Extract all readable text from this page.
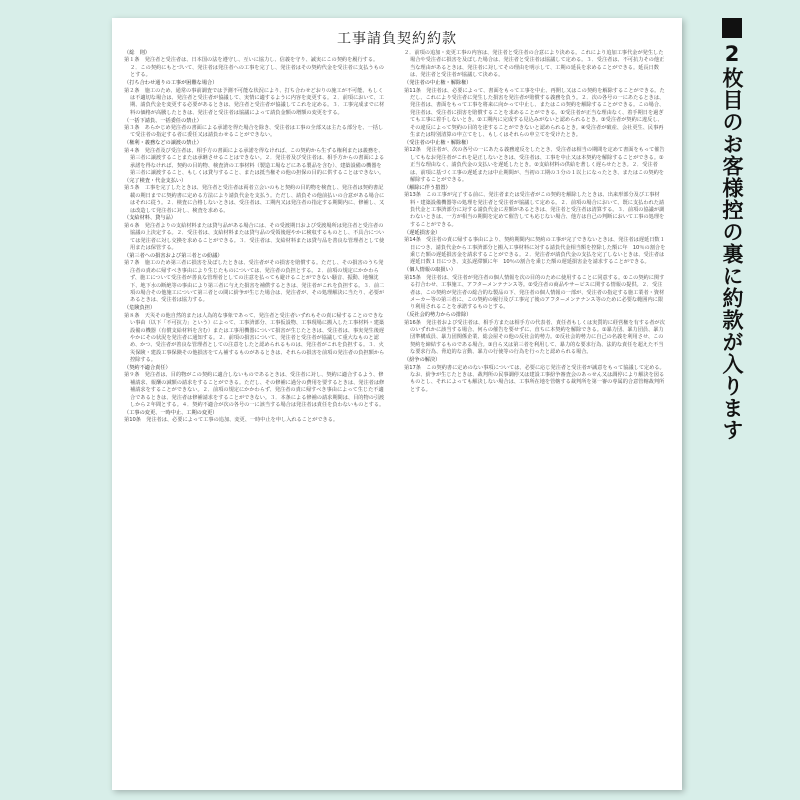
工事請負契約約款
（総　則）
第１条　発注者と受注者は、日本国の法を遵守し、互いに協力し、信義を守り、誠実にこの契約を履行する。２．この契約にもとづいて、発注者は発注者への工事を完了し、発注者はその契約代金を受注者に支払うものとする。
（打ち合わせ通りの工事が困難な場合）
第２条　施工のため、通常の事前調査では予測不可能な状況により、打ち合わせどおりの施工が不可能、もしくは不適切な場合は、発注者と受注者が協議して、実情に適するように内容を変更する。２．前項において、工期、請負代金を変更する必要があるときは、発注者と受注者が協議してこれを定める。３．工事完成までに材料の価格が高騰したときは、発注者と受注者は協議によって請負金額の増額の変更をする。
（一括下請負、一括委任の禁止）
第３条　あらかじめ発注者の書面による承諾を得た場合を除き、受注者は工事の全部又は主たる部分を、一括して受注者の指定する者に委任又は請負わせることができない。
（権利・義務などの譲渡の禁止）
第４条　発注者及び受注者は、相手方の書面による承諾を得なければ、この契約から生ずる権利または義務を、第三者に譲渡することまたは承継させることはできない。２．発注者及び受注者は、相手方からの書面による承諾を得なければ、契約の目的物、検査済の工事材料（製造工場などにある製品を含む）、建築設備の機器を第三者に譲渡すること、もしくは貸与すること、または抵当権その他の担保の目的に供することはできない。
（完了検査・代金支払い）
第５条　工事を完了したときは、発注者と受注者は両者立会いのもと契約の目的物を検査し、発注者は契約書記載の期日までに契約書に定める方法により請負代金を支払う。ただし、請負その他前払いの合意がある場合にはそれに従う。２．検査に合格しないときは、受注者は、工期内又は発注者の指定する期間内に、修補し、又は改造して発注者に対し、検査を求める。
（支給材料、貸与品）
第６条　発注者よりの支給材料または貸与品がある場合には、その受渡期日および受渡場所は発注者と受注者の協議の上決定する。２．受注者は、支給材料または貸与品の受領後遅やかに検収するものとし、不具合については発注者に対し交換を求めることができる。３．受注者は、支給材料または貸与品を善良な管理者として使用または保管する。
（第三者への損害および第三者との紛議）
第７条　施工のため第三者に損害を及ぼしたときは、受注者がその損害を賠償する。ただし、その損害のうち発注者の責めに帰すべき事由により生じたものについては、発注者の負担とする。２．前項の規定にかかわらず、施工について受注者が善良な管理者としての注意を払っても避けることができない騒音、振動、地盤沈下、地下水の断絶等の事由により第三者に与えた損害を補償するときは、発注者がこれを負担する。３．前二項の場合その他施工について第三者との間に紛争が生じた場合は、発注者が、その処理解決に当たり、必要があるときは、受注者は協力する。
（危険負担）
第８条　天災その他自然的または人為的な事象であって、発注者と受注者いずれもその責に帰することのできない事由（以下「不可抗力」という）によって、工事済部分、工事仮設物、工事現場に搬入した工事材料・建築設備の機器（有償支給材料を含む）または工事用機器について損害が生じたときは、受注者は、事実発生後遅やかにその状況を発注者に通知する。２．前項の損害について、発注者と受注者が協議して重大なものと認め、かつ、受注者が善良な管理者としての注意をしたと認められるものは、発注者がこれを負担する。３．火災保険・建設工事保険その他損害をてん補するものがあるときは、それらの損害を前項の発注者の負担額から控除する。
（契約不適合責任）
第９条　発注者は、目的物がこの契約に適合しないものであるときは、受注者に対し、契約に適合するよう、修補請求、報酬の減額の請求をすることができる。ただし、その修補に過分の費用を要するときは、発注者は修補請求をすることができない。２．前項の規定にかかわらず、発注者の責に帰すべき事由によって生じた不適合であるときは、発注者は修補請求をすることができない。３．本条による修補の請求期間は、目的物の引渡しから２年間とする。４．契約不適合が次の各号の一に該当する場合は発注者は責任を負わないものとする。
（工事の変更、一時中止、工期の変更）
第10条　発注者は、必要によって工事の追加、変更、一時中止を申し入れることができる。
２．前項の追加・変更工事の内容は、発注者と受注者の合意により決める。これにより追加工事代金が発生した場合や受注者に損害を及ぼした場合は、発注者と受注者は協議して定める。３．受注者は、不可抗力その他正当な理由があるときは、発注者に対してその理由を明示して、工期の延長を求めることができる。延長日数は、発注者と受注者が協議して決める。
（発注者の中止権・解除権）
第11条　発注者は、必要によって、書面をもって工事を中止、再開し又はこの契約を解除することができる。ただし、これにより受注者に発生した損害を発注者が賠償する義務を負う。２．次の各号の一にあたるときは、発注者は、書面をもって工事を将来に向かって中止し、またはこの契約を解除することができる。この場合、発注者は、受注者に損害を賠償することを求めることができる。①受注者が正当な理由なく、着手期日を過ぎても工事に着手しないとき。②工期内に完成する見込みがないと認められるとき。③受注者が契約に違反し、その違反によって契約の目的を達することができないと認められるとき。④受注者が破産、会社更生、民事再生または特別清算の申立てをし、もしくはそれらの申立てを受けたとき。
（受注者の中止権・解除権）
第12条　発注者が、次の各号の一にあたる義務違反をしたとき、受注者は相当の期間を定めて書面をもって催告してもなお発注者がこれを是正しないときは、受注者は、工事を中止又は本契約を解除することができる。①正当な理由なく、請負代金の支払いを遅延したとき。②支給材料の供給を著しく遅らせたとき。２．受注者は、前項に基づく工事の遅延または中止期間が、当初の工期の３分の１以上になったとき、またはこの契約を解除することができる。
（解除に伴う措置）
第13条　この工事が完了する前に、発注者または受注者がこの契約を解除したときは、出来形部分及び工事材料・建築設備機器等の処理を発注者と受注者が協議して定める。２．前項の場合において、既に支払われた請負代金と工事済部分に対する請負代金に差額があるときは、発注者と受注者は清算する。３．前項の協議が調わないときは、一方が相当の期間を定めて催告しても応じない場合、他方は自己の判断において工事の処理をすることができる。
（遅延損害金）
第14条　受注者の責に帰する事由により、契約期間内に契約の工事が完了できないときは、発注者は遅延日数１日につき、請負代金から工事済部分と搬入工事材料に対する請負代金相当額を控除した額に年　10％の割合を乗じた額の遅延損害金を請求することができる。２．発注者が請負代金の支払を完了しないときは、受注者は遅延日数１日につき、支払遅滞額に年　10％の割合を乗じた額の遅延損害金を請求することができる。
（個人情報の取扱い）
第15条　発注者は、受注者が発注者の個人情報を次の目的のために使用することに同意する。①この契約に関する打合わせ、工事施工、アフターメンテナンス等。②受注者の商品やサービスに関する情報の提供。２．受注者は、この契約が発注者の総合的な製品の下、発注者の個人情報の一部が、受注者の指定する施工業者・資材メーカー等の第三者に、この契約の履行及び工事完了後のアフターメンテナンス等のために必要な範囲内に限り利用されることを承諾するものとする。
（反社会的勢力からの排除）
第16条　発注者および受注者は、相手方または相手方の代表者、責任者もしくは実質的に経営権を有する者が次のいずれかに該当する場合、何らの催告を要せずに、直ちに本契約を解除できる。①暴力団、暴力団員、暴力団準構成員、暴力団関係企業、総会屋その他の反社会的勢力。②反社会的勢力に自己の名義を利用させ、この契約を締結するものである場合。③自ら又は第三者を利用して、暴力的な要求行為、法的な責任を超えた不当な要求行為、脅迫的な言動、暴力の行使等の行為を行ったと認められる場合。
（紛争の解決）
第17条　この契約書に定めのない事項については、必要に応じ発注者と受注者が誠意をもって協議して定める。なお、紛争が生じたときは、裁判所の民事調停又は建設工事紛争審査会のあっせん又は調停により解決を図るものとし、それによっても解決しない場合は、工事所在地を管轄する裁判所を第一審の専属的合意管轄裁判所とする。	2枚目のお客様控の裏に約款が入ります
